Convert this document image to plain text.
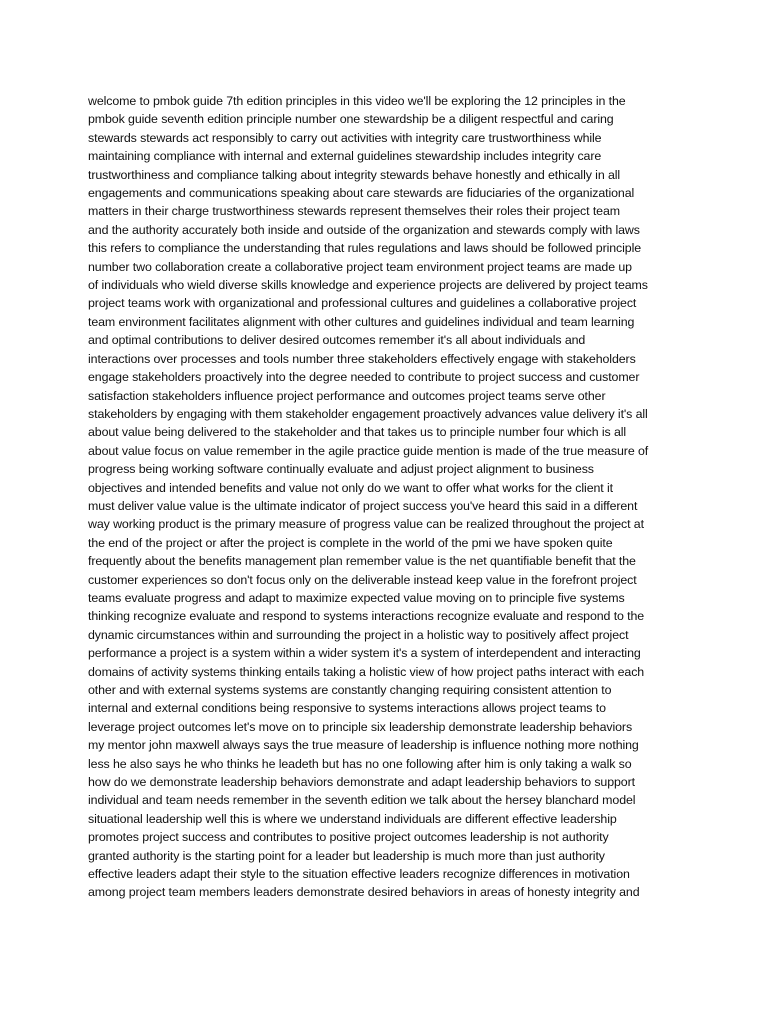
welcome to pmbok guide 7th edition principles in this video we'll be exploring the 12 principles in the
pmbok guide seventh edition principle number one stewardship be a diligent respectful and caring
stewards stewards act responsibly to carry out activities with integrity care trustworthiness while
maintaining compliance with internal and external guidelines stewardship includes integrity care
trustworthiness and compliance talking about integrity stewards behave honestly and ethically in all
engagements and communications speaking about care stewards are fiduciaries of the organizational
matters in their charge trustworthiness stewards represent themselves their roles their project team
and the authority accurately both inside and outside of the organization and stewards comply with laws
this refers to compliance the understanding that rules regulations and laws should be followed principle
number two collaboration create a collaborative project team environment project teams are made up
of individuals who wield diverse skills knowledge and experience projects are delivered by project teams
project teams work with organizational and professional cultures and guidelines a collaborative project
team environment facilitates alignment with other cultures and guidelines individual and team learning
and optimal contributions to deliver desired outcomes remember it's all about individuals and
interactions over processes and tools number three stakeholders effectively engage with stakeholders
engage stakeholders proactively into the degree needed to contribute to project success and customer
satisfaction stakeholders influence project performance and outcomes project teams serve other
stakeholders by engaging with them stakeholder engagement proactively advances value delivery it's all
about value being delivered to the stakeholder and that takes us to principle number four which is all
about value focus on value remember in the agile practice guide mention is made of the true measure of
progress being working software continually evaluate and adjust project alignment to business
objectives and intended benefits and value not only do we want to offer what works for the client it
must deliver value value is the ultimate indicator of project success you've heard this said in a different
way working product is the primary measure of progress value can be realized throughout the project at
the end of the project or after the project is complete in the world of the pmi we have spoken quite
frequently about the benefits management plan remember value is the net quantifiable benefit that the
customer experiences so don't focus only on the deliverable instead keep value in the forefront project
teams evaluate progress and adapt to maximize expected value moving on to principle five systems
thinking recognize evaluate and respond to systems interactions recognize evaluate and respond to the
dynamic circumstances within and surrounding the project in a holistic way to positively affect project
performance a project is a system within a wider system it's a system of interdependent and interacting
domains of activity systems thinking entails taking a holistic view of how project paths interact with each
other and with external systems systems are constantly changing requiring consistent attention to
internal and external conditions being responsive to systems interactions allows project teams to
leverage project outcomes let's move on to principle six leadership demonstrate leadership behaviors
my mentor john maxwell always says the true measure of leadership is influence nothing more nothing
less he also says he who thinks he leadeth but has no one following after him is only taking a walk so
how do we demonstrate leadership behaviors demonstrate and adapt leadership behaviors to support
individual and team needs remember in the seventh edition we talk about the hersey blanchard model
situational leadership well this is where we understand individuals are different effective leadership
promotes project success and contributes to positive project outcomes leadership is not authority
granted authority is the starting point for a leader but leadership is much more than just authority
effective leaders adapt their style to the situation effective leaders recognize differences in motivation
among project team members leaders demonstrate desired behaviors in areas of honesty integrity and
